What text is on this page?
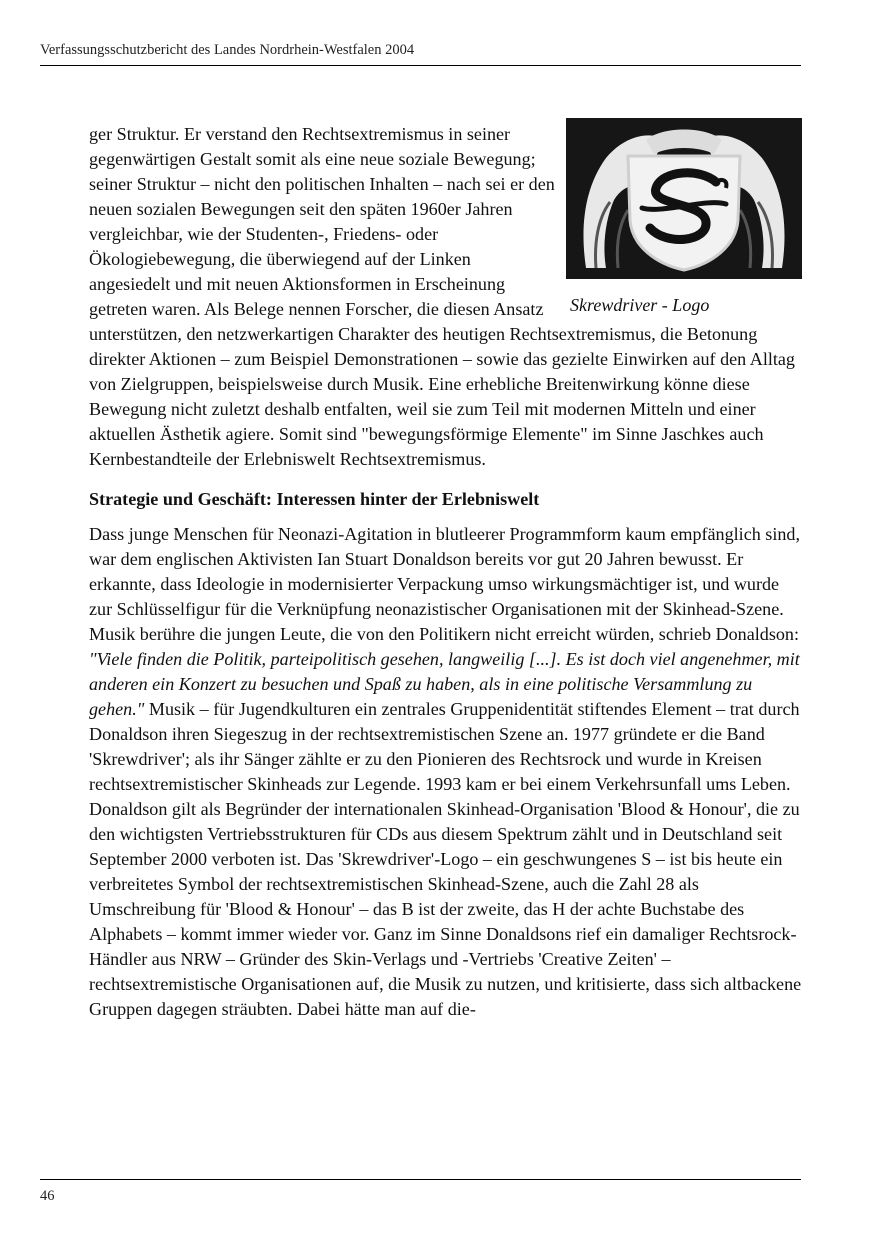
Verfassungsschutzbericht des Landes Nordrhein-Westfalen 2004
Skrewdriver - Logo

ger Struktur. Er verstand den Rechtsextremismus in seiner gegenwärtigen Gestalt somit als eine neue soziale Bewegung; seiner Struktur – nicht den politischen Inhalten – nach sei er den neuen sozialen Bewegungen seit den späten 1960er Jahren vergleichbar, wie der Studenten-, Friedens- oder Ökologiebewegung, die überwiegend auf der Linken angesiedelt und mit neuen Aktionsformen in Erscheinung getreten waren. Als Belege nennen Forscher, die diesen Ansatz unterstützen, den netzwerkartigen Charakter des heutigen Rechtsextremismus, die Betonung direkter Aktionen – zum Beispiel Demonstrationen – sowie das gezielte Einwirken auf den Alltag von Zielgruppen, beispielsweise durch Musik. Eine erhebliche Breitenwirkung könne diese Bewegung nicht zuletzt deshalb entfalten, weil sie zum Teil mit modernen Mitteln und einer aktuellen Ästhetik agiere. Somit sind "bewegungsförmige Elemente" im Sinne Jaschkes auch Kernbestandteile der Erlebniswelt Rechtsextremismus.

Strategie und Geschäft: Interessen hinter der Erlebniswelt

Dass junge Menschen für Neonazi-Agitation in blutleerer Programmform kaum empfänglich sind, war dem englischen Aktivisten Ian Stuart Donaldson bereits vor gut 20 Jahren bewusst. Er erkannte, dass Ideologie in modernisierter Verpackung umso wirkungsmächtiger ist, und wurde zur Schlüsselfigur für die Verknüpfung neonazistischer Organisationen mit der Skinhead-Szene. Musik berühre die jungen Leute, die von den Politikern nicht erreicht würden, schrieb Donaldson: "Viele finden die Politik, parteipolitisch gesehen, langweilig [...]. Es ist doch viel angenehmer, mit anderen ein Konzert zu besuchen und Spaß zu haben, als in eine politische Versammlung zu gehen." Musik – für Jugendkulturen ein zentrales Gruppenidentität stiftendes Element – trat durch Donaldson ihren Siegeszug in der rechtsextremistischen Szene an. 1977 gründete er die Band 'Skrewdriver'; als ihr Sänger zählte er zu den Pionieren des Rechtsrock und wurde in Kreisen rechtsextremistischer Skinheads zur Legende. 1993 kam er bei einem Verkehrsunfall ums Leben. Donaldson gilt als Begründer der internationalen Skinhead-Organisation 'Blood & Honour', die zu den wichtigsten Vertriebsstrukturen für CDs aus diesem Spektrum zählt und in Deutschland seit September 2000 verboten ist. Das 'Skrewdriver'-Logo – ein geschwungenes S – ist bis heute ein verbreitetes Symbol der rechtsextremistischen Skinhead-Szene, auch die Zahl 28 als Umschreibung für 'Blood & Honour' – das B ist der zweite, das H der achte Buchstabe des Alphabets – kommt immer wieder vor. Ganz im Sinne Donaldsons rief ein damaliger Rechtsrock-Händler aus NRW – Gründer des Skin-Verlags und -Vertriebs 'Creative Zeiten' – rechtsextremistische Organisationen auf, die Musik zu nutzen, und kritisierte, dass sich altbackene Gruppen dagegen sträubten. Dabei hätte man auf die-

46
